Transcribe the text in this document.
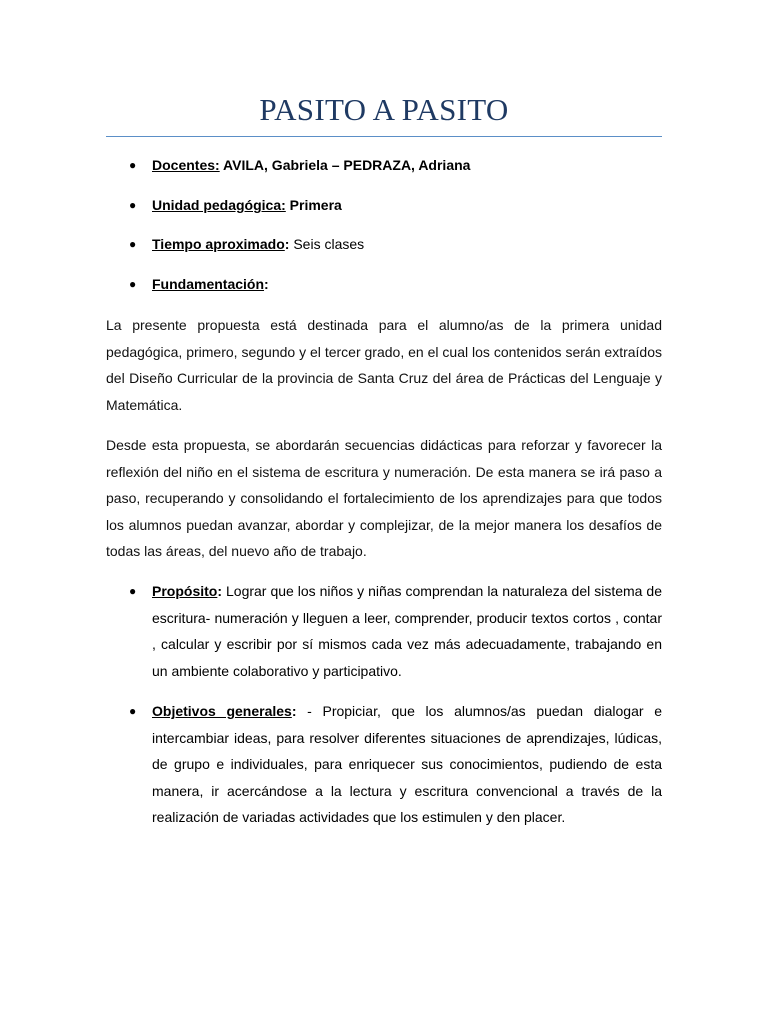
PASITO A PASITO
● Docentes: AVILA, Gabriela – PEDRAZA, Adriana
● Unidad pedagógica: Primera
● Tiempo aproximado: Seis clases
● Fundamentación:
La presente propuesta está destinada para el alumno/as de la primera unidad pedagógica, primero, segundo y el tercer grado, en el cual los contenidos serán extraídos del Diseño Curricular de la provincia de Santa Cruz del área de Prácticas del Lenguaje y Matemática.
Desde esta propuesta, se abordarán secuencias didácticas para reforzar y favorecer la reflexión del niño en el sistema de escritura y numeración. De esta manera se irá paso a paso, recuperando y consolidando el fortalecimiento de los aprendizajes para que todos los alumnos puedan avanzar, abordar y complejizar, de la mejor manera los desafíos de todas las áreas, del nuevo año de trabajo.
● Propósito: Lograr que los niños y niñas comprendan la naturaleza del sistema de escritura- numeración y lleguen a leer, comprender, producir textos cortos , contar , calcular y escribir por sí mismos cada vez más adecuadamente, trabajando en un ambiente colaborativo y participativo.
● Objetivos generales: - Propiciar, que los alumnos/as puedan dialogar e intercambiar ideas, para resolver diferentes situaciones de aprendizajes, lúdicas, de grupo e individuales, para enriquecer sus conocimientos, pudiendo de esta manera, ir acercándose a la lectura y escritura convencional a través de la realización de variadas actividades que los estimulen y den placer.
